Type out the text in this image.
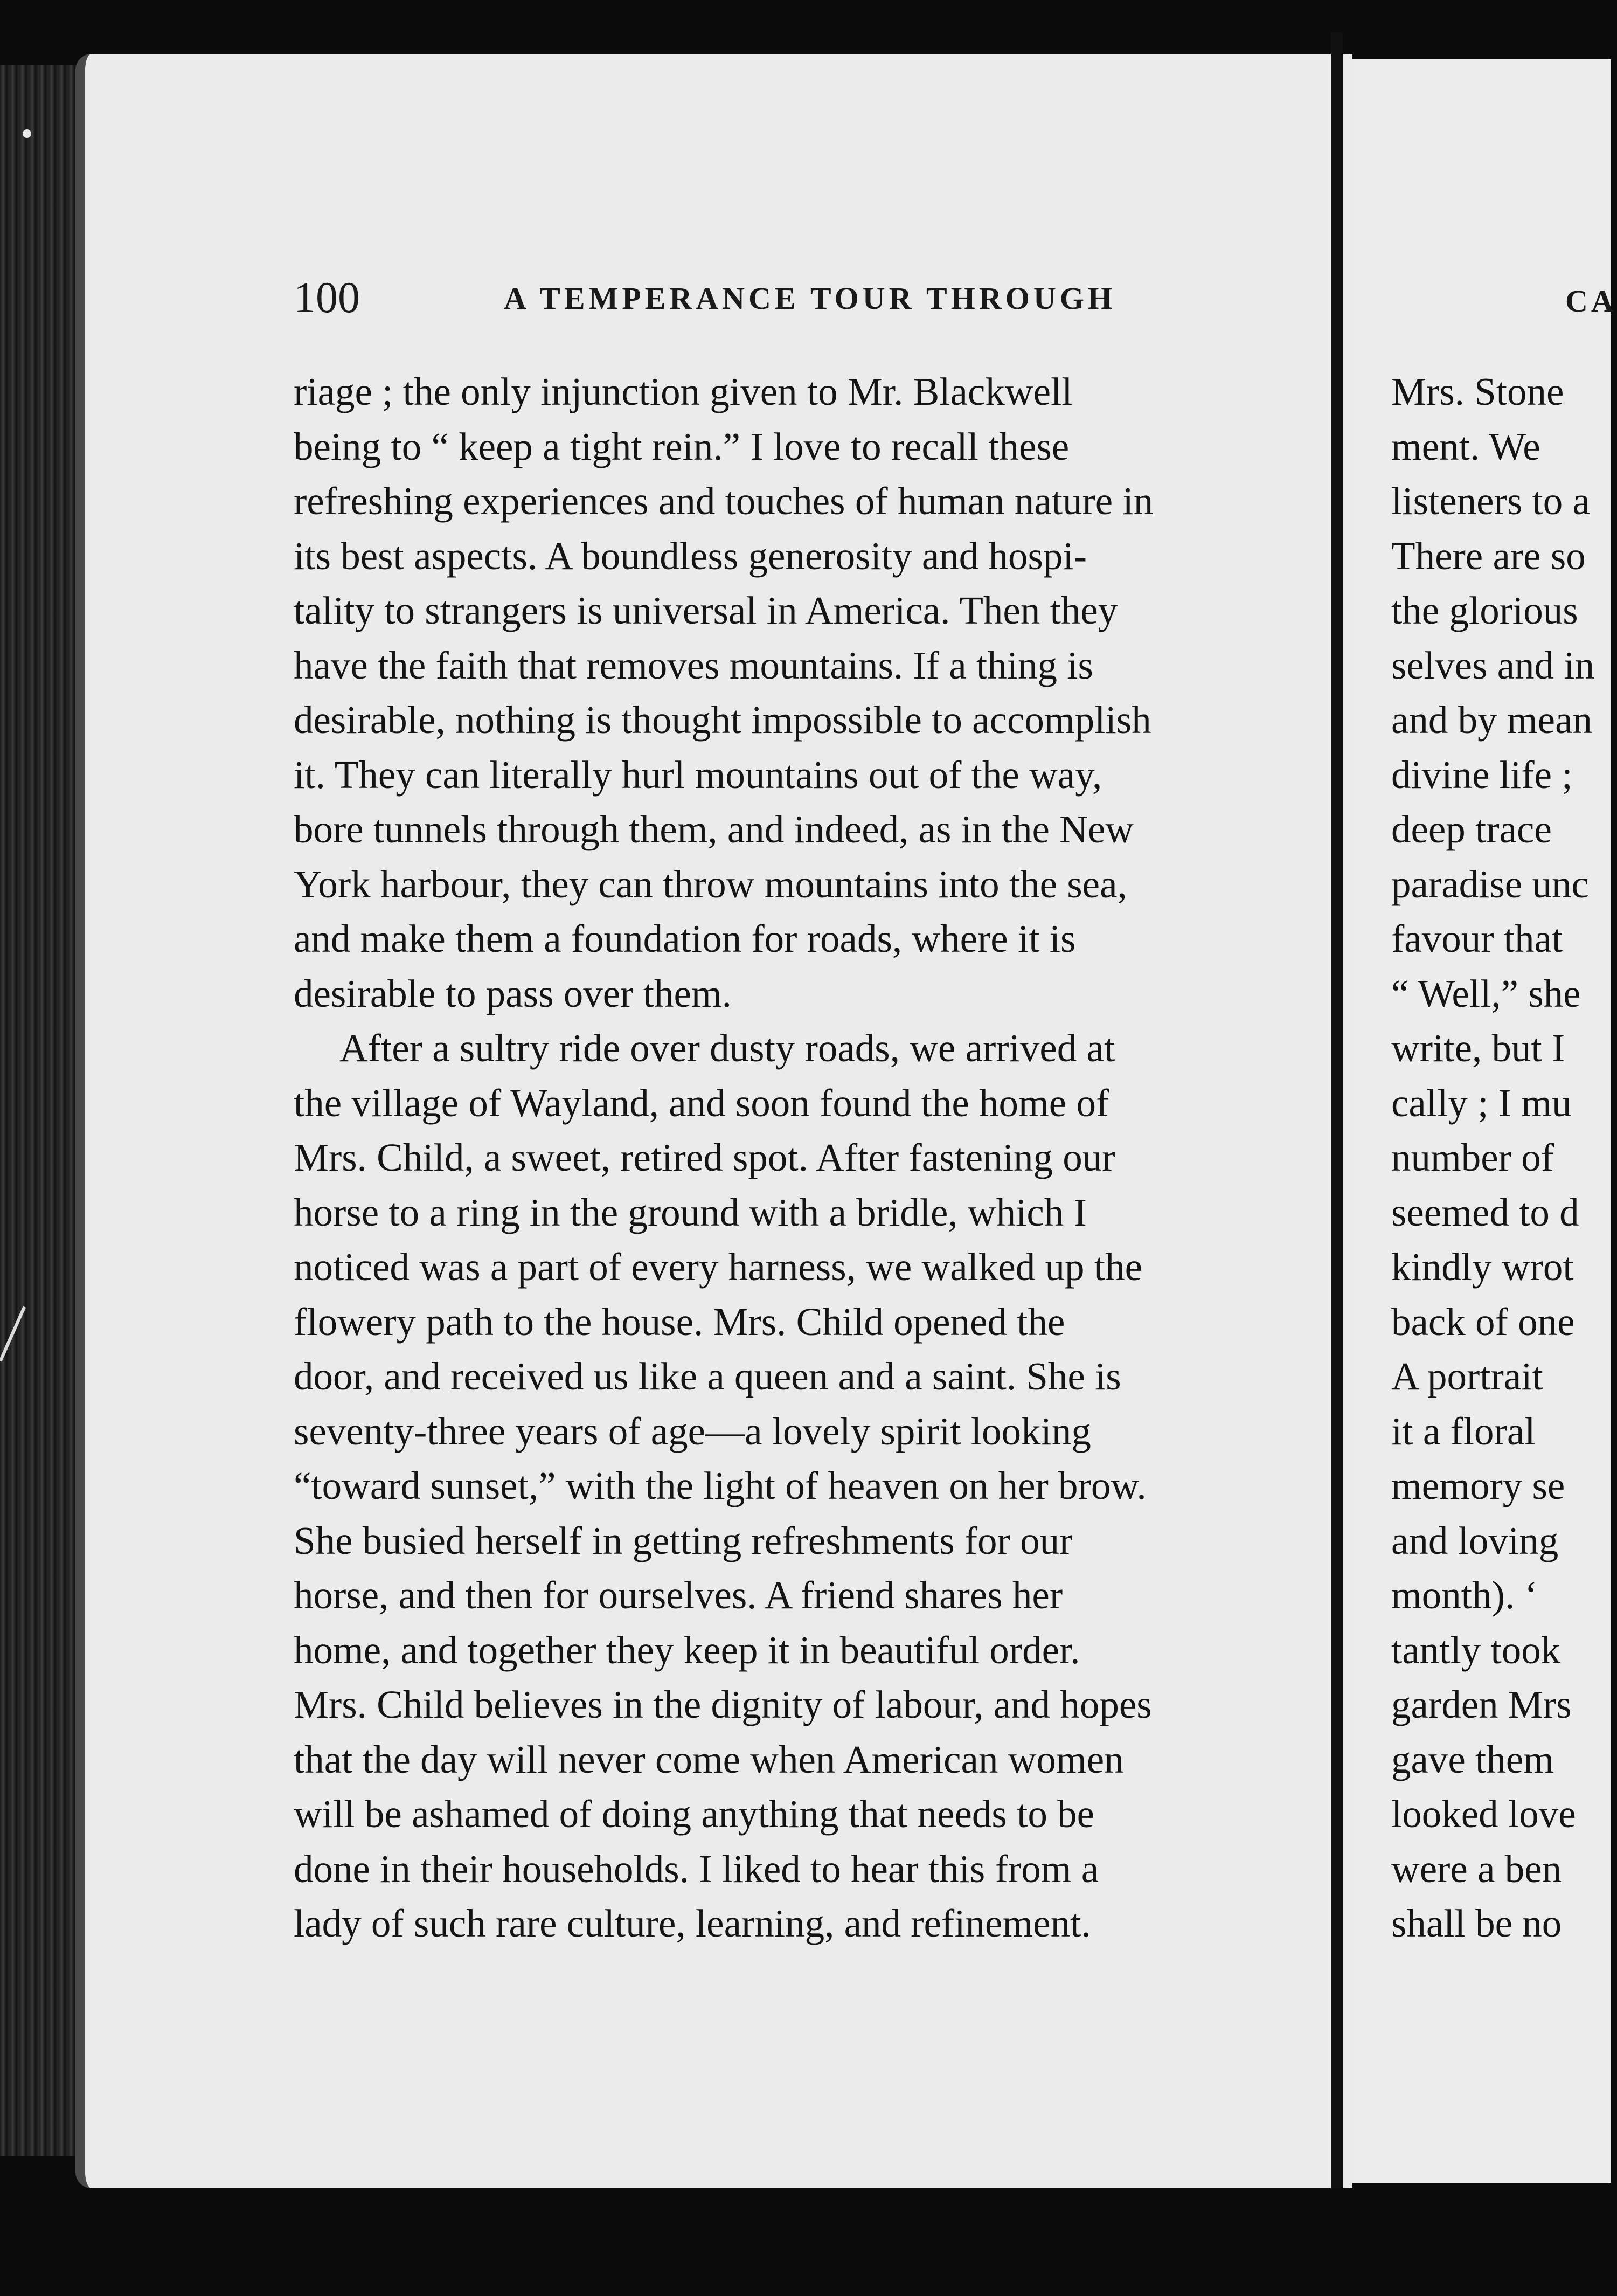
100	A TEMPERANCE TOUR THROUGH
riage ; the only injunction given to Mr. Blackwell
being to “ keep a tight rein.” I love to recall these
refreshing experiences and touches of human nature in
its best aspects. A boundless generosity and hospi-
tality to strangers is universal in America. Then they
have the faith that removes mountains. If a thing is
desirable, nothing is thought impossible to accomplish
it. They can literally hurl mountains out of the way,
bore tunnels through them, and indeed, as in the New
York harbour, they can throw mountains into the sea,
and make them a foundation for roads, where it is
desirable to pass over them.
After a sultry ride over dusty roads, we arrived at
the village of Wayland, and soon found the home of
Mrs. Child, a sweet, retired spot. After fastening our
horse to a ring in the ground with a bridle, which I
noticed was a part of every harness, we walked up the
flowery path to the house. Mrs. Child opened the
door, and received us like a queen and a saint. She is
seventy-three years of age—a lovely spirit looking
“toward sunset,” with the light of heaven on her brow.
She busied herself in getting refreshments for our
horse, and then for ourselves. A friend shares her
home, and together they keep it in beautiful order.
Mrs. Child believes in the dignity of labour, and hopes
that the day will never come when American women
will be ashamed of doing anything that needs to be
done in their households. I liked to hear this from a
lady of such rare culture, learning, and refinement.
CA
Mrs. Stone
ment. We
listeners to a
There are so
the glorious
selves and in
and by mean
divine life ;
deep trace
paradise unc
favour that
“ Well,” she
write, but I
cally ; I mu
number of
seemed to d
kindly wrot
back of one
A portrait
it a floral
memory se
and loving
month). ‘
tantly took
garden Mrs
gave them
looked love
were a ben
shall be no
